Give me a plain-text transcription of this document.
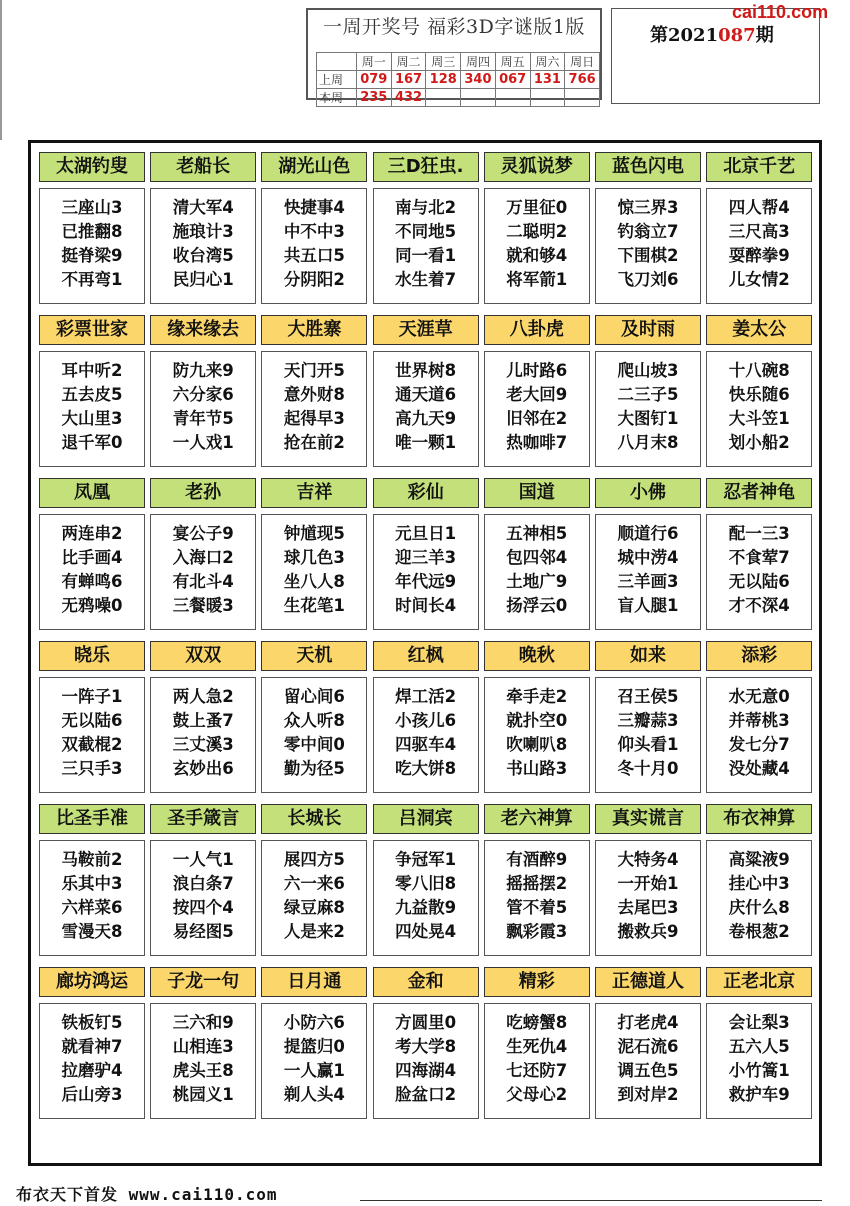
一周开奖号 福彩3D字谜版1版
	周一	周二	周三	周四	周五	周六	周日
上周	079	167	128	340	067	131	766
本周	235	432					
第2021087期
cai110.com
太湖钓叟
三座山3
已推翻8
挺脊梁9
不再弯1
老船长
清大军4
施琅计3
收台湾5
民归心1
湖光山色
快捷事4
中不中3
共五口5
分阴阳2
三D狂虫.
南与北2
不同地5
同一看1
水生着7
灵狐说梦
万里征0
二聪明2
就和够4
将军箭1
蓝色闪电
惊三界3
钓翁立7
下围棋2
飞刀刘6
北京千艺
四人帮4
三尺高3
耍醉拳9
儿女情2
彩票世家
耳中听2
五去皮5
大山里3
退千军0
缘来缘去
防九来9
六分家6
青年节5
一人戏1
大胜寨
天门开5
意外财8
起得早3
抢在前2
天涯草
世界树8
通天道6
高九天9
唯一颗1
八卦虎
儿时路6
老大回9
旧邻在2
热咖啡7
及时雨
爬山坡3
二三子5
大图钉1
八月末8
姜太公
十八碗8
快乐随6
大斗笠1
划小船2
凤凰
两连串2
比手画4
有蝉鸣6
无鸦噪0
老孙
宴公子9
入海口2
有北斗4
三餐暖3
吉祥
钟馗现5
球几色3
坐八人8
生花笔1
彩仙
元旦日1
迎三羊3
年代远9
时间长4
国道
五神相5
包四邻4
土地广9
扬浮云0
小佛
顺道行6
城中涝4
三羊画3
盲人腿1
忍者神龟
配一三3
不食荤7
无以陆6
才不深4
晓乐
一阵子1
无以陆6
双截棍2
三只手3
双双
两人急2
鼓上蚤7
三丈溪3
玄妙出6
天机
留心间6
众人听8
零中间0
勤为径5
红枫
焊工活2
小孩儿6
四驱车4
吃大饼8
晚秋
牵手走2
就扑空0
吹喇叭8
书山路3
如来
召王侯5
三瓣蒜3
仰头看1
冬十月0
添彩
水无意0
并蒂桃3
发七分7
没处藏4
比圣手准
马鞍前2
乐其中3
六样菜6
雪漫天8
圣手箴言
一人气1
浪白条7
按四个4
易经图5
长城长
展四方5
六一来6
绿豆麻8
人是来2
吕洞宾
争冠军1
零八旧8
九益散9
四处晃4
老六神算
有酒醉9
摇摇摆2
管不着5
飘彩霞3
真实谎言
大特务4
一开始1
去尾巴3
搬救兵9
布衣神算
高粱液9
挂心中3
庆什么8
卷根葱2
廊坊鸿运
铁板钉5
就看神7
拉磨驴4
后山旁3
子龙一句
三六和9
山相连3
虎头王8
桃园义1
日月通
小防六6
提篮归0
一人赢1
剃人头4
金和
方圆里0
考大学8
四海湖4
脸盆口2
精彩
吃螃蟹8
生死仇4
七还防7
父母心2
正德道人
打老虎4
泥石流6
调五色5
到对岸2
正老北京
会让梨3
五六人5
小竹篙1
救护车9
布衣天下首发 www.cai110.com
